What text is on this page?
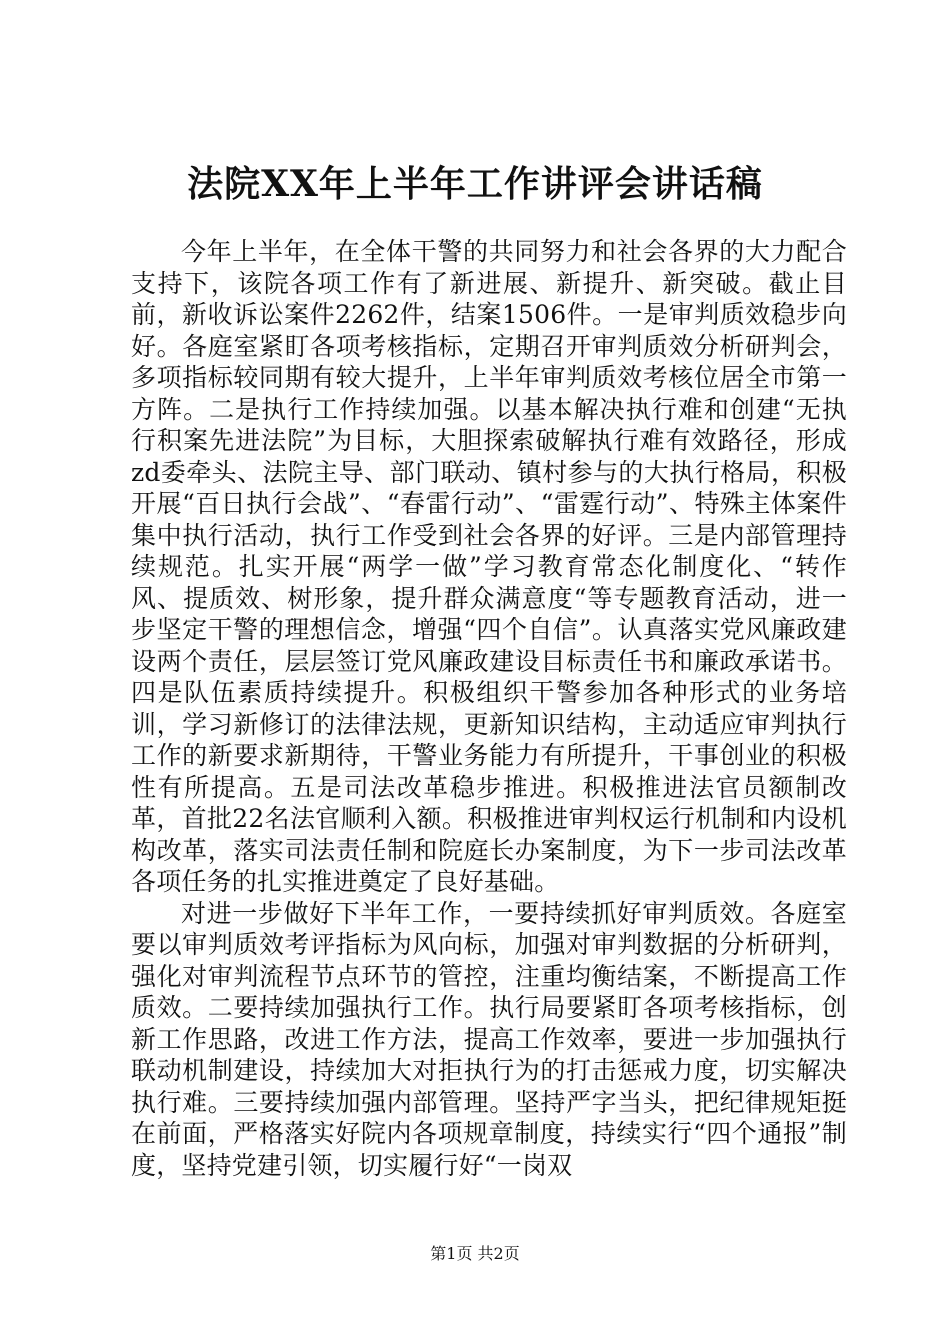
法院XX年上半年工作讲评会讲话稿

今年上半年，在全体干警的共同努力和社会各界的大力配合支持下，该院各项工作有了新进展、新提升、新突破。截止目前，新收诉讼案件2262件，结案1506件。一是审判质效稳步向好。各庭室紧盯各项考核指标，定期召开审判质效分析研判会，多项指标较同期有较大提升，上半年审判质效考核位居全市第一方阵。二是执行工作持续加强。以基本解决执行难和创建“无执行积案先进法院”为目标，大胆探索破解执行难有效路径，形成zd委牵头、法院主导、部门联动、镇村参与的大执行格局，积极开展“百日执行会战”、“春雷行动”、“雷霆行动”、特殊主体案件集中执行活动，执行工作受到社会各界的好评。三是内部管理持续规范。扎实开展“两学一做”学习教育常态化制度化、“转作风、提质效、树形象，提升群众满意度“等专题教育活动，进一步坚定干警的理想信念，增强“四个自信”。认真落实党风廉政建设两个责任，层层签订党风廉政建设目标责任书和廉政承诺书。四是队伍素质持续提升。积极组织干警参加各种形式的业务培训，学习新修订的法律法规，更新知识结构，主动适应审判执行工作的新要求新期待，干警业务能力有所提升，干事创业的积极性有所提高。五是司法改革稳步推进。积极推进法官员额制改革，首批22名法官顺利入额。积极推进审判权运行机制和内设机构改革，落实司法责任制和院庭长办案制度，为下一步司法改革各项任务的扎实推进奠定了良好基础。

对进一步做好下半年工作，一要持续抓好审判质效。各庭室要以审判质效考评指标为风向标，加强对审判数据的分析研判，强化对审判流程节点环节的管控，注重均衡结案，不断提高工作质效。二要持续加强执行工作。执行局要紧盯各项考核指标，创新工作思路，改进工作方法，提高工作效率，要进一步加强执行联动机制建设，持续加大对拒执行为的打击惩戒力度，切实解决执行难。三要持续加强内部管理。坚持严字当头，把纪律规矩挺在前面，严格落实好院内各项规章制度，持续实行“四个通报”制度，坚持党建引领，切实履行好“一岗双

第1页 共2页
